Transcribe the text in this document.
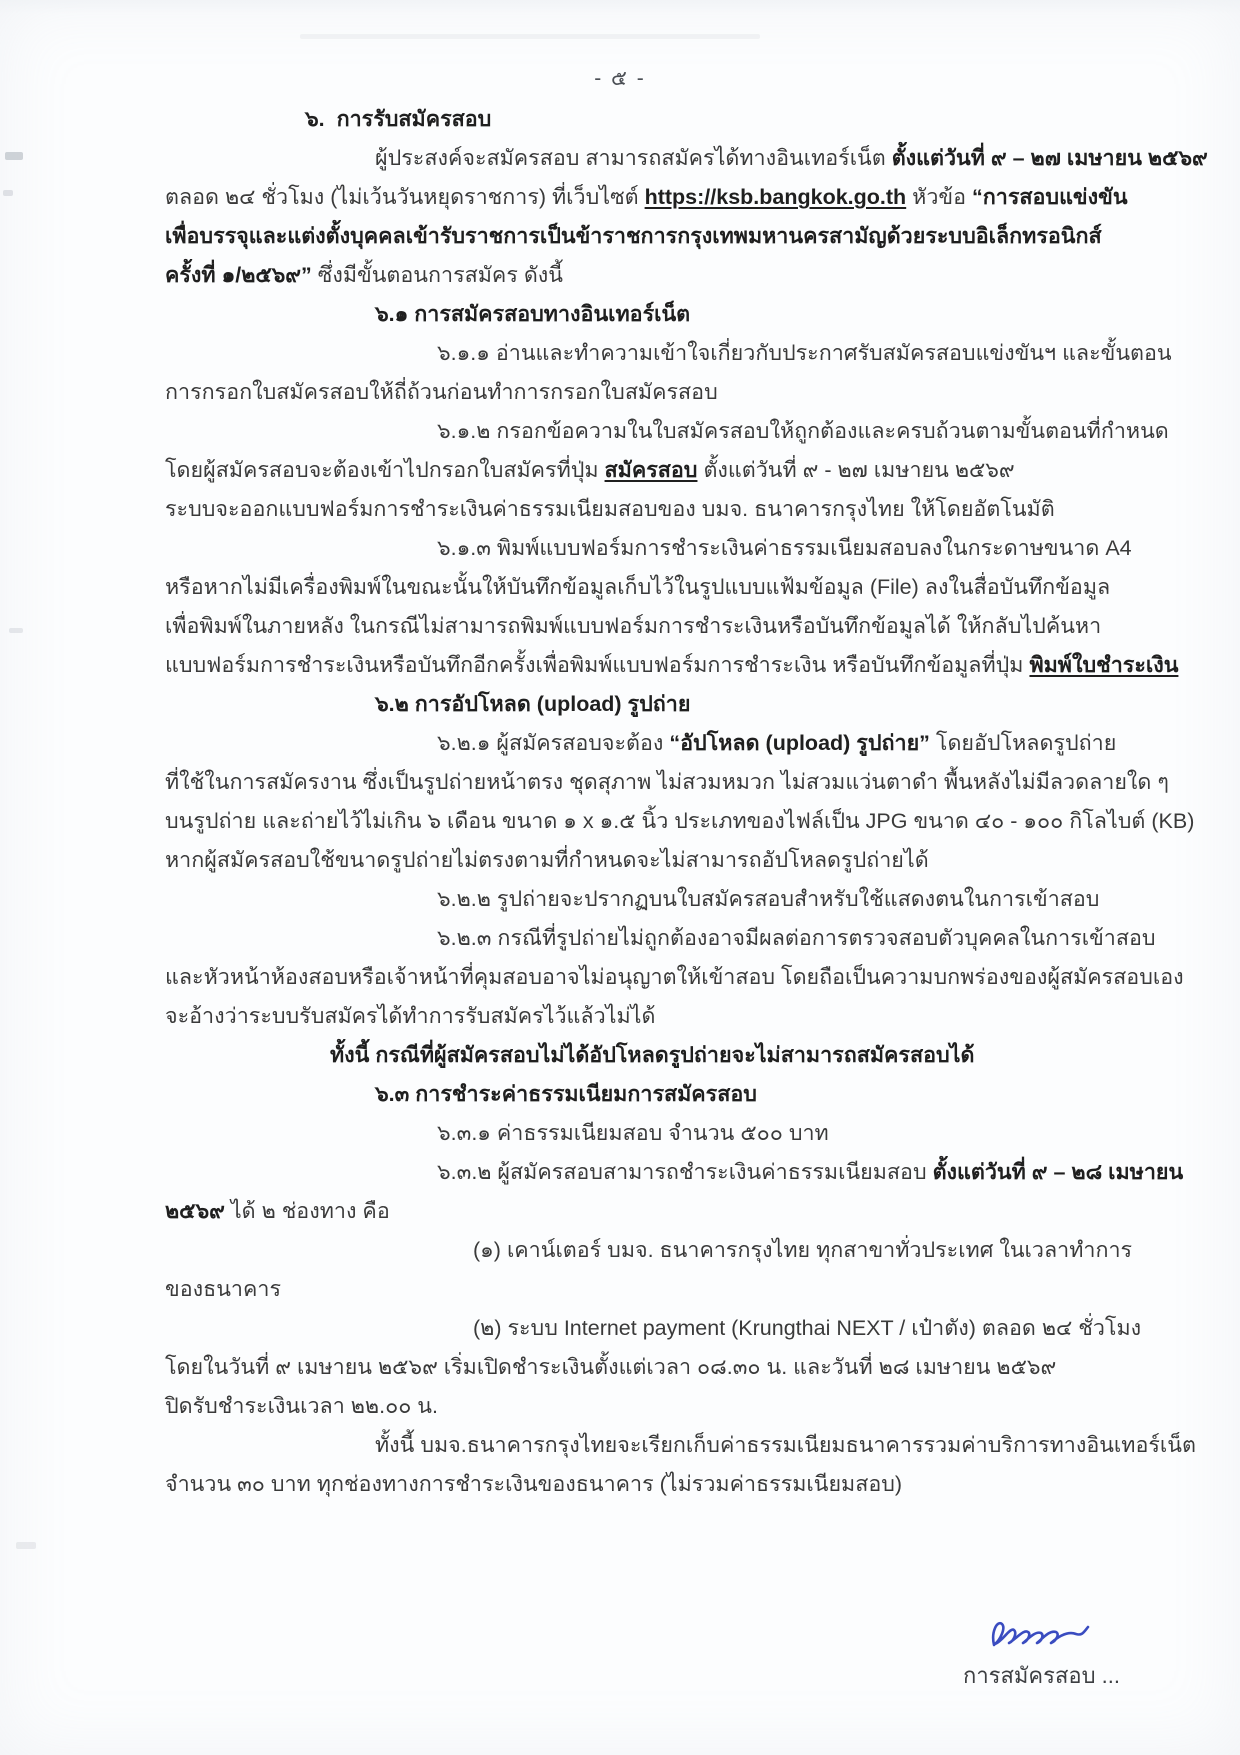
- ๕ -
๖.  การรับสมัครสอบ
ผู้ประสงค์จะสมัครสอบ สามารถสมัครได้ทางอินเทอร์เน็ต ตั้งแต่วันที่ ๙ – ๒๗ เมษายน ๒๕๖๙
ตลอด ๒๔ ชั่วโมง (ไม่เว้นวันหยุดราชการ) ที่เว็บไซต์ https://ksb.bangkok.go.th หัวข้อ “การสอบแข่งขัน
เพื่อบรรจุและแต่งตั้งบุคคลเข้ารับราชการเป็นข้าราชการกรุงเทพมหานครสามัญด้วยระบบอิเล็กทรอนิกส์
ครั้งที่ ๑/๒๕๖๙” ซึ่งมีขั้นตอนการสมัคร ดังนี้
๖.๑ การสมัครสอบทางอินเทอร์เน็ต
๖.๑.๑ อ่านและทำความเข้าใจเกี่ยวกับประกาศรับสมัครสอบแข่งขันฯ และขั้นตอน
การกรอกใบสมัครสอบให้ถี่ถ้วนก่อนทำการกรอกใบสมัครสอบ
๖.๑.๒ กรอกข้อความในใบสมัครสอบให้ถูกต้องและครบถ้วนตามขั้นตอนที่กำหนด
โดยผู้สมัครสอบจะต้องเข้าไปกรอกใบสมัครที่ปุ่ม สมัครสอบ ตั้งแต่วันที่ ๙ - ๒๗ เมษายน ๒๕๖๙
ระบบจะออกแบบฟอร์มการชำระเงินค่าธรรมเนียมสอบของ บมจ. ธนาคารกรุงไทย ให้โดยอัตโนมัติ
๖.๑.๓ พิมพ์แบบฟอร์มการชำระเงินค่าธรรมเนียมสอบลงในกระดาษขนาด A4
หรือหากไม่มีเครื่องพิมพ์ในขณะนั้นให้บันทึกข้อมูลเก็บไว้ในรูปแบบแฟ้มข้อมูล (File) ลงในสื่อบันทึกข้อมูล
เพื่อพิมพ์ในภายหลัง ในกรณีไม่สามารถพิมพ์แบบฟอร์มการชำระเงินหรือบันทึกข้อมูลได้ ให้กลับไปค้นหา
แบบฟอร์มการชำระเงินหรือบันทึกอีกครั้งเพื่อพิมพ์แบบฟอร์มการชำระเงิน หรือบันทึกข้อมูลที่ปุ่ม พิมพ์ใบชำระเงิน
๖.๒ การอัปโหลด (upload) รูปถ่าย
๖.๒.๑ ผู้สมัครสอบจะต้อง “อัปโหลด (upload) รูปถ่าย” โดยอัปโหลดรูปถ่าย
ที่ใช้ในการสมัครงาน ซึ่งเป็นรูปถ่ายหน้าตรง ชุดสุภาพ ไม่สวมหมวก ไม่สวมแว่นตาดำ พื้นหลังไม่มีลวดลายใด ๆ
บนรูปถ่าย และถ่ายไว้ไม่เกิน ๖ เดือน ขนาด ๑ x ๑.๕ นิ้ว ประเภทของไฟล์เป็น JPG ขนาด ๔๐ - ๑๐๐ กิโลไบต์ (KB)
หากผู้สมัครสอบใช้ขนาดรูปถ่ายไม่ตรงตามที่กำหนดจะไม่สามารถอัปโหลดรูปถ่ายได้
๖.๒.๒ รูปถ่ายจะปรากฏบนใบสมัครสอบสำหรับใช้แสดงตนในการเข้าสอบ
๖.๒.๓ กรณีที่รูปถ่ายไม่ถูกต้องอาจมีผลต่อการตรวจสอบตัวบุคคลในการเข้าสอบ
และหัวหน้าห้องสอบหรือเจ้าหน้าที่คุมสอบอาจไม่อนุญาตให้เข้าสอบ โดยถือเป็นความบกพร่องของผู้สมัครสอบเอง
จะอ้างว่าระบบรับสมัครได้ทำการรับสมัครไว้แล้วไม่ได้
ทั้งนี้ กรณีที่ผู้สมัครสอบไม่ได้อัปโหลดรูปถ่ายจะไม่สามารถสมัครสอบได้
๖.๓ การชำระค่าธรรมเนียมการสมัครสอบ
๖.๓.๑ ค่าธรรมเนียมสอบ จำนวน ๕๐๐ บาท
๖.๓.๒ ผู้สมัครสอบสามารถชำระเงินค่าธรรมเนียมสอบ ตั้งแต่วันที่ ๙ – ๒๘ เมษายน
๒๕๖๙ ได้ ๒ ช่องทาง คือ
(๑) เคาน์เตอร์ บมจ. ธนาคารกรุงไทย ทุกสาขาทั่วประเทศ ในเวลาทำการ
ของธนาคาร
(๒) ระบบ Internet payment (Krungthai NEXT / เป๋าตัง) ตลอด ๒๔ ชั่วโมง
โดยในวันที่ ๙ เมษายน ๒๕๖๙ เริ่มเปิดชำระเงินตั้งแต่เวลา ๐๘.๓๐ น. และวันที่ ๒๘ เมษายน ๒๕๖๙
ปิดรับชำระเงินเวลา ๒๒.๐๐ น.
ทั้งนี้ บมจ.ธนาคารกรุงไทยจะเรียกเก็บค่าธรรมเนียมธนาคารรวมค่าบริการทางอินเทอร์เน็ต
จำนวน ๓๐ บาท ทุกช่องทางการชำระเงินของธนาคาร (ไม่รวมค่าธรรมเนียมสอบ)
การสมัครสอบ ...
